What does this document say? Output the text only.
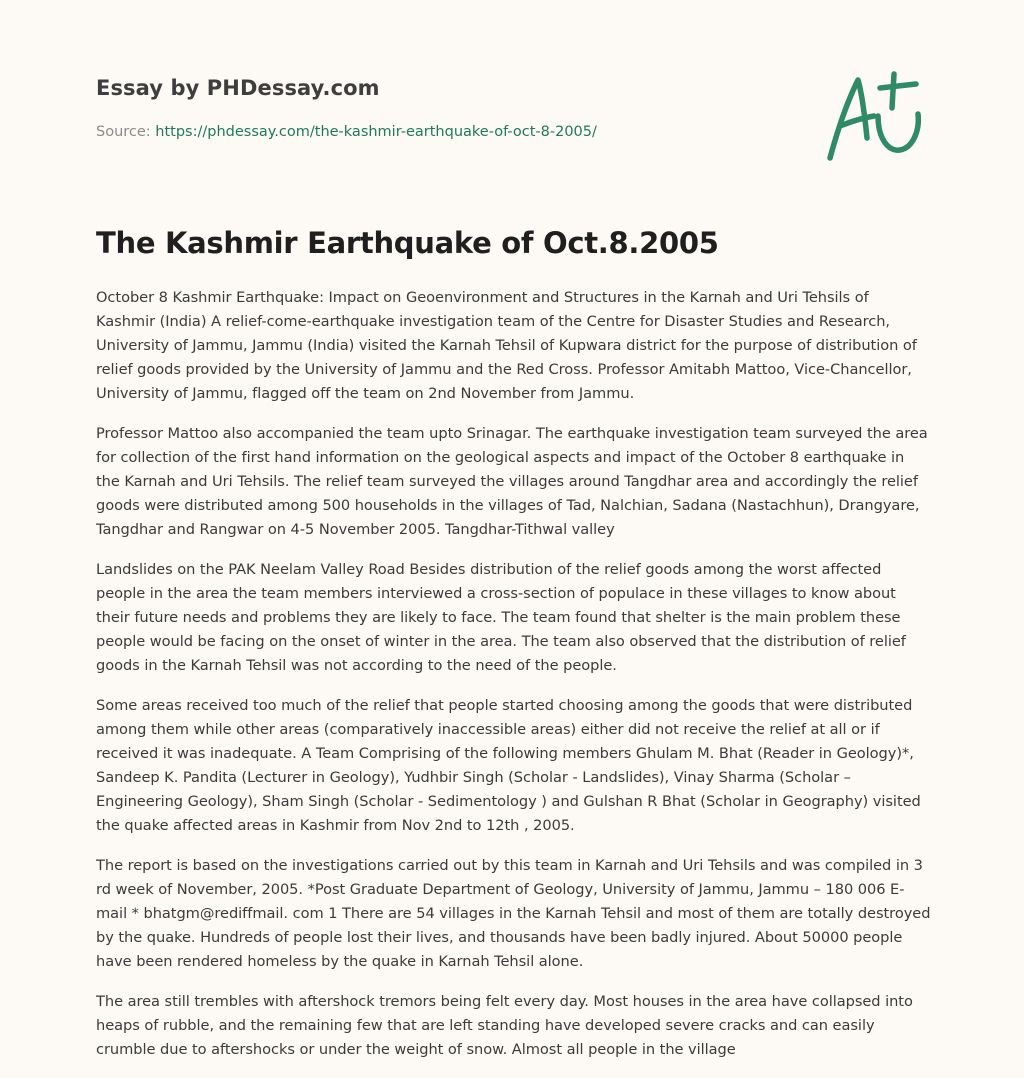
Essay by PHDessay.com
Source: https://phdessay.com/the-kashmir-earthquake-of-oct-8-2005/
The Kashmir Earthquake of Oct.8.2005

October 8 Kashmir Earthquake: Impact on Geoenvironment and Structures in the Karnah and Uri Tehsils of Kashmir (India) A relief-come-earthquake investigation team of the Centre for Disaster Studies and Research, University of Jammu, Jammu (India) visited the Karnah Tehsil of Kupwara district for the purpose of distribution of relief goods provided by the University of Jammu and the Red Cross. Professor Amitabh Mattoo, Vice-Chancellor, University of Jammu, flagged off the team on 2nd November from Jammu.

Professor Mattoo also accompanied the team upto Srinagar. The earthquake investigation team surveyed the area for collection of the first hand information on the geological aspects and impact of the October 8 earthquake in the Karnah and Uri Tehsils. The relief team surveyed the villages around Tangdhar area and accordingly the relief goods were distributed among 500 households in the villages of Tad, Nalchian, Sadana (Nastachhun), Drangyare, Tangdhar and Rangwar on 4-5 November 2005. Tangdhar-Tithwal valley

Landslides on the PAK Neelam Valley Road Besides distribution of the relief goods among the worst affected people in the area the team members interviewed a cross-section of populace in these villages to know about their future needs and problems they are likely to face. The team found that shelter is the main problem these people would be facing on the onset of winter in the area. The team also observed that the distribution of relief goods in the Karnah Tehsil was not according to the need of the people.

Some areas received too much of the relief that people started choosing among the goods that were distributed among them while other areas (comparatively inaccessible areas) either did not receive the relief at all or if received it was inadequate. A Team Comprising of the following members Ghulam M. Bhat (Reader in Geology)*, Sandeep K. Pandita (Lecturer in Geology), Yudhbir Singh (Scholar - Landslides), Vinay Sharma (Scholar – Engineering Geology), Sham Singh (Scholar - Sedimentology ) and Gulshan R Bhat (Scholar in Geography) visited the quake affected areas in Kashmir from Nov 2nd to 12th , 2005.

The report is based on the investigations carried out by this team in Karnah and Uri Tehsils and was compiled in 3 rd week of November, 2005. *Post Graduate Department of Geology, University of Jammu, Jammu – 180 006 E-mail * bhatgm@rediffmail. com 1 There are 54 villages in the Karnah Tehsil and most of them are totally destroyed by the quake. Hundreds of people lost their lives, and thousands have been badly injured. About 50000 people have been rendered homeless by the quake in Karnah Tehsil alone.

The area still trembles with aftershock tremors being felt every day. Most houses in the area have collapsed into heaps of rubble, and the remaining few that are left standing have developed severe cracks and can easily crumble due to aftershocks or under the weight of snow. Almost all people in the village
